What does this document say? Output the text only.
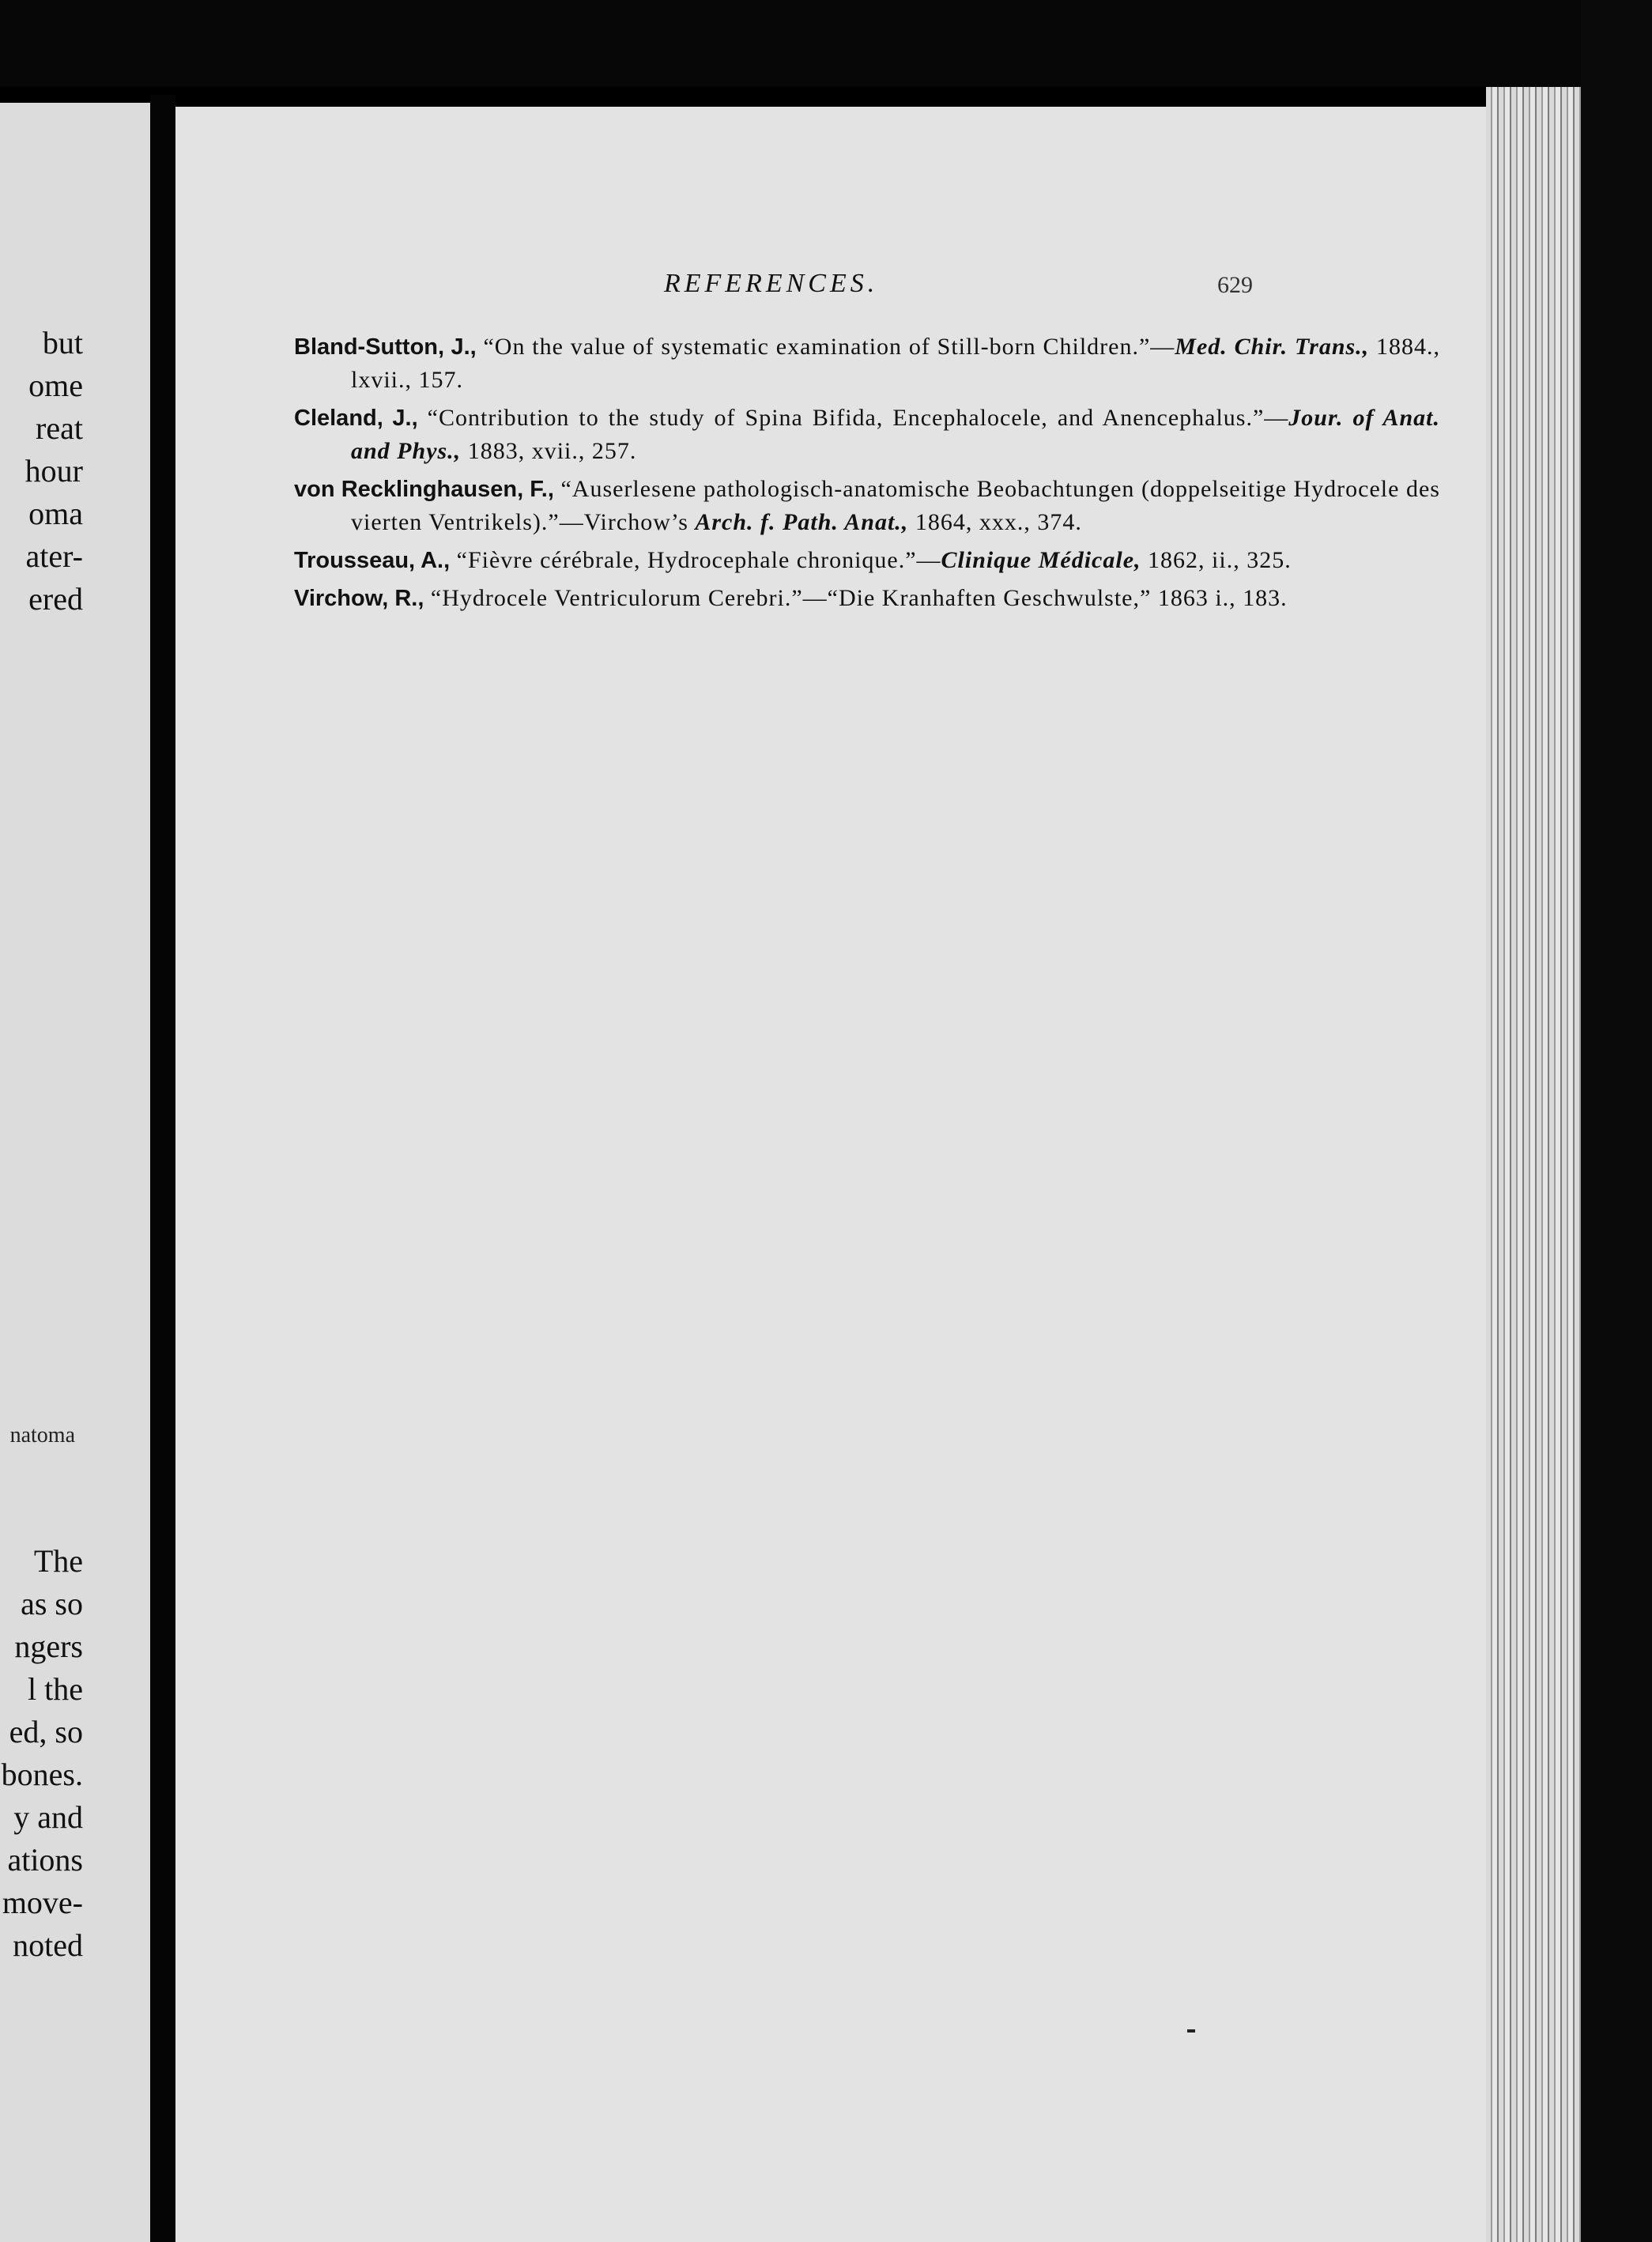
but
ome
reat
hour
oma
ater-
ered
natoma
The
as so
ngers
l the
ed, so
bones.
y and
ations
move-
noted
REFERENCES.	629
Bland-Sutton, J., “On the value of systematic examination of Still-born Children.”—Med. Chir. Trans., 1884., lxvii., 157.
Cleland, J., “Contribution to the study of Spina Bifida, Encephalocele, and Anencephalus.”—Jour. of Anat. and Phys., 1883, xvii., 257.
von Recklinghausen, F., “Auserlesene pathologisch-anatomische Beobachtungen (doppelseitige Hydrocele des vierten Ventrikels).”—Virchow’s Arch. f. Path. Anat., 1864, xxx., 374.
Trousseau, A., “Fièvre cérébrale, Hydrocephale chronique.”—Clinique Médicale, 1862, ii., 325.
Virchow, R., “Hydrocele Ventriculorum Cerebri.”—“Die Kranhaften Geschwulste,” 1863 i., 183.
